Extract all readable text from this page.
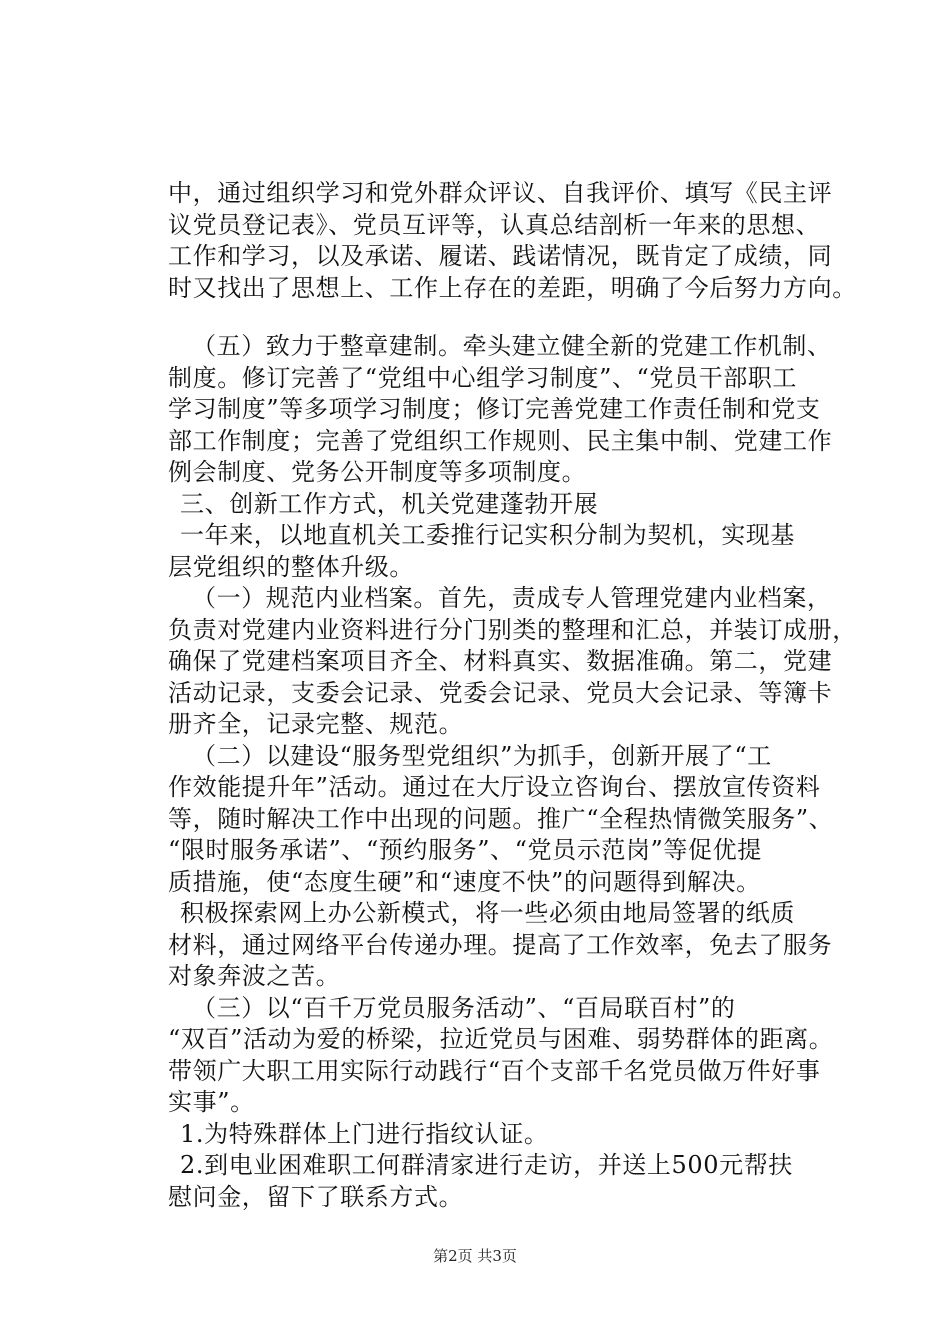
中，通过组织学习和党外群众评议、自我评价、填写《民主评
议党员登记表》、党员互评等，认真总结剖析一年来的思想、
工作和学习，以及承诺、履诺、践诺情况，既肯定了成绩，同
时又找出了思想上、工作上存在的差距，明确了今后努力方向。
（五）致力于整章建制。牵头建立健全新的党建工作机制、
制度。修订完善了“党组中心组学习制度”、“党员干部职工
学习制度”等多项学习制度；修订完善党建工作责任制和党支
部工作制度；完善了党组织工作规则、民主集中制、党建工作
例会制度、党务公开制度等多项制度。
三、创新工作方式，机关党建蓬勃开展
一年来，以地直机关工委推行记实积分制为契机，实现基
层党组织的整体升级。
（一）规范内业档案。首先，责成专人管理党建内业档案，
负责对党建内业资料进行分门别类的整理和汇总，并装订成册，
确保了党建档案项目齐全、材料真实、数据准确。第二，党建
活动记录，支委会记录、党委会记录、党员大会记录、等簿卡
册齐全，记录完整、规范。
（二）以建设“服务型党组织”为抓手，创新开展了“工
作效能提升年”活动。通过在大厅设立咨询台、摆放宣传资料
等，随时解决工作中出现的问题。推广“全程热情微笑服务”、
“限时服务承诺”、“预约服务”、“党员示范岗”等促优提
质措施，使“态度生硬”和“速度不快”的问题得到解决。
积极探索网上办公新模式，将一些必须由地局签署的纸质
材料，通过网络平台传递办理。提高了工作效率，免去了服务
对象奔波之苦。
（三）以“百千万党员服务活动”、“百局联百村”的
“双百”活动为爱的桥梁，拉近党员与困难、弱势群体的距离。
带领广大职工用实际行动践行“百个支部千名党员做万件好事
实事”。
1.为特殊群体上门进行指纹认证。
2.到电业困难职工何群清家进行走访，并送上500元帮扶
慰问金，留下了联系方式。
第2页 共3页
